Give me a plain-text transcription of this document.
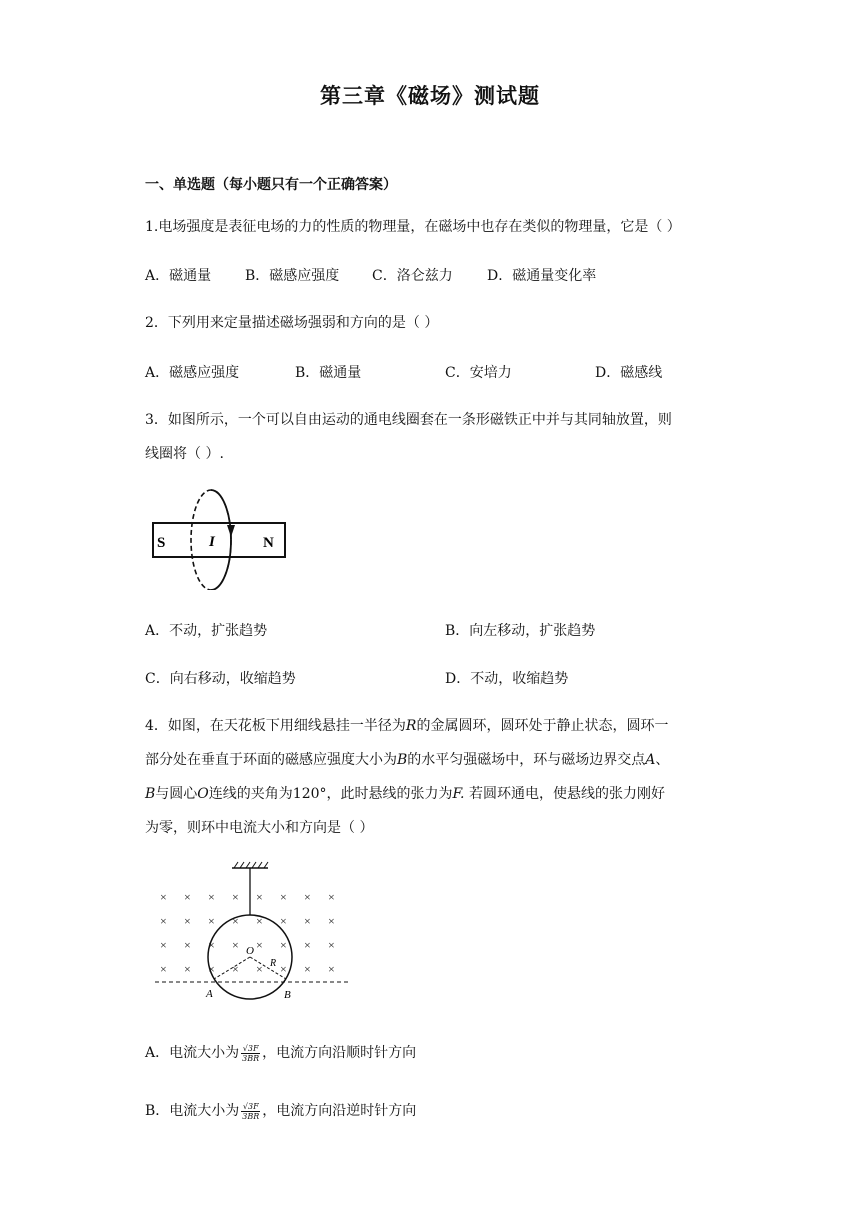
第三章《磁场》测试题
一、单选题（每小题只有一个正确答案）
1.电场强度是表征电场的力的性质的物理量，在磁场中也存在类似的物理量，它是（ ）
A．磁通量 B．磁感应强度 C．洛仑兹力 D．磁通量变化率
2．下列用来定量描述磁场强弱和方向的是（ ）
A．磁感应强度	B．磁通量	C．安培力	D．磁感线
3．如图所示，一个可以自由运动的通电线圈套在一条形磁铁正中并与其同轴放置，则
线圈将（ ）.
S	I	N
A．不动，扩张趋势	B．向左移动，扩张趋势
C．向右移动，收缩趋势	D．不动，收缩趋势
4．如图，在天花板下用细线悬挂一半径为R的金属圆环，圆环处于静止状态，圆环一
部分处在垂直于环面的磁感应强度大小为B的水平匀强磁场中，环与磁场边界交点A、
B与圆心O连线的夹角为120°，此时悬线的张力为F. 若圆环通电，使悬线的张力刚好
为零，则环中电流大小和方向是（ ）
× × × × × × × ×
× × × × × × × ×
× × × × × × × ×
× × × × × × × ×
O
R
A	B
A．电流大小为 $\frac{√3F}{3BR}$ ，电流方向沿顺时针方向
B．电流大小为 $\frac{√3F}{3BR}$ ，电流方向沿逆时针方向
